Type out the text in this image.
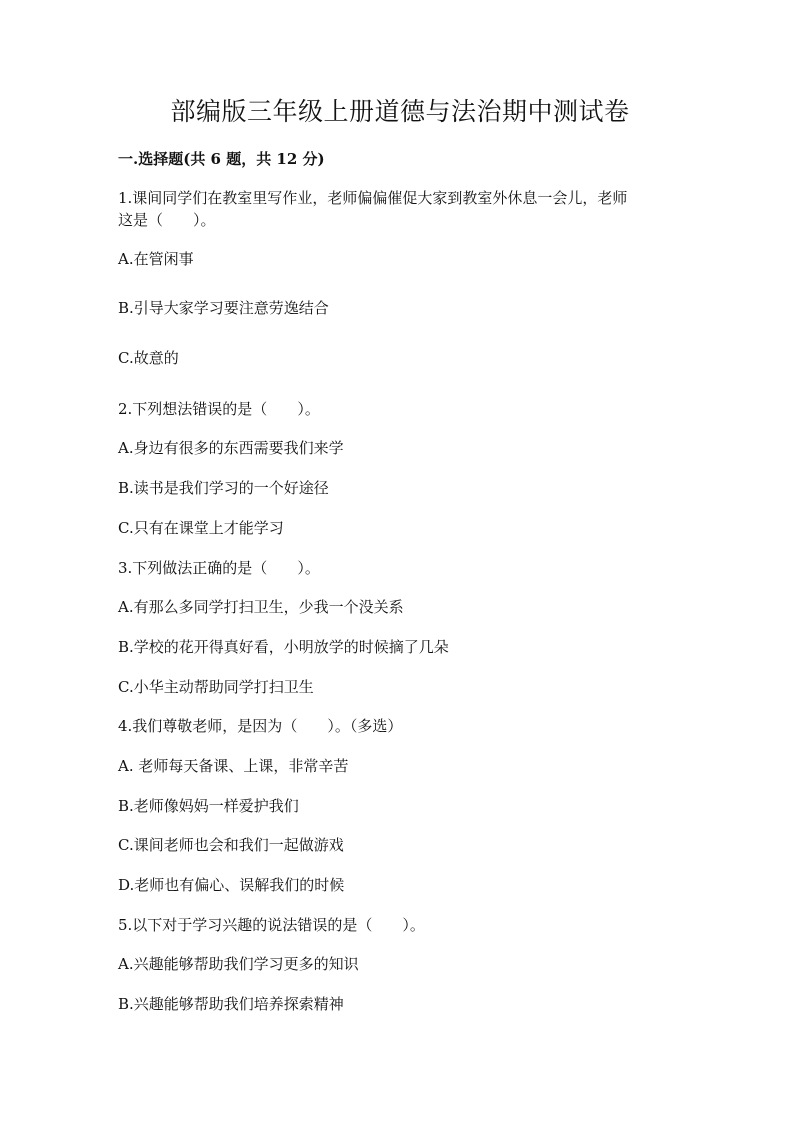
部编版三年级上册道德与法治期中测试卷
一.选择题(共 6 题，共 12 分)
1.课间同学们在教室里写作业，老师偏偏催促大家到教室外休息一会儿，老师
这是（　　）。
A.在管闲事
B.引导大家学习要注意劳逸结合
C.故意的
2.下列想法错误的是（　　）。
A.身边有很多的东西需要我们来学
B.读书是我们学习的一个好途径
C.只有在课堂上才能学习
3.下列做法正确的是（　　）。
A.有那么多同学打扫卫生，少我一个没关系
B.学校的花开得真好看，小明放学的时候摘了几朵
C.小华主动帮助同学打扫卫生
4.我们尊敬老师，是因为（　　）。（多选）
A. 老师每天备课、上课，非常辛苦
B.老师像妈妈一样爱护我们
C.课间老师也会和我们一起做游戏
D.老师也有偏心、误解我们的时候
5.以下对于学习兴趣的说法错误的是（　　）。
A.兴趣能够帮助我们学习更多的知识
B.兴趣能够帮助我们培养探索精神
